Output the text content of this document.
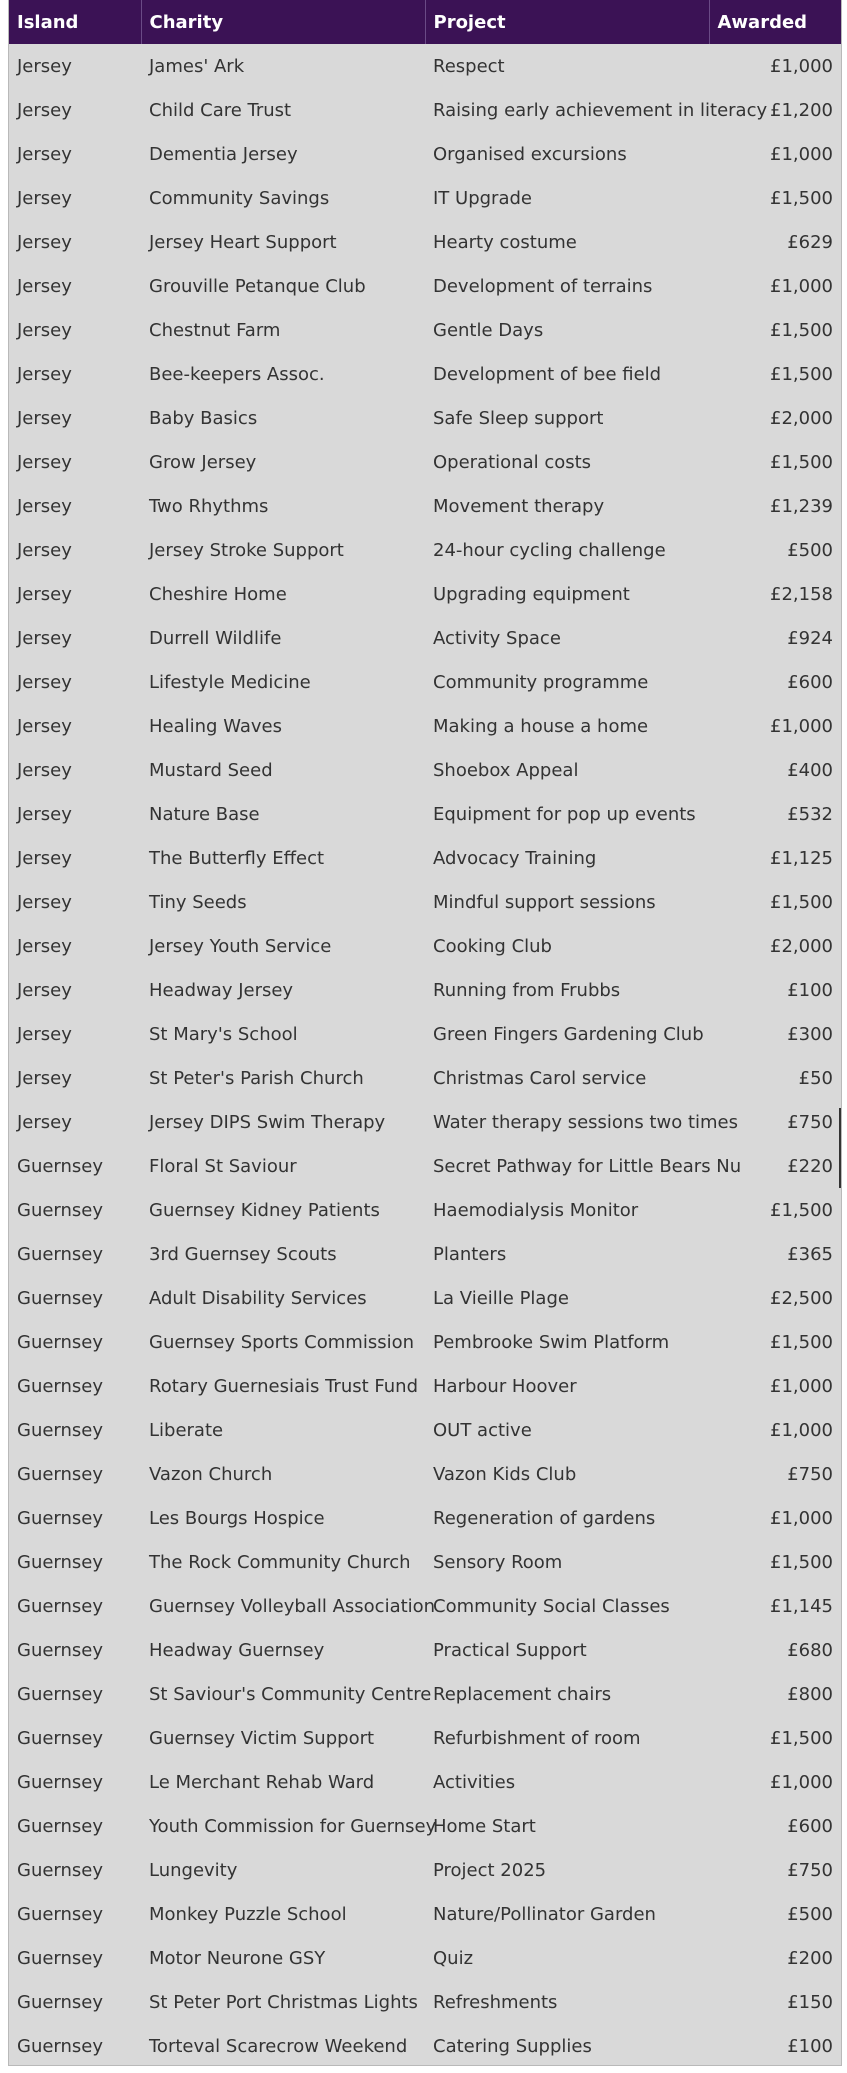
Island	Charity	Project	Awarded
Jersey	James' Ark	Respect	£1,000
Jersey	Child Care Trust	Raising early achievement in literacy	£1,200
Jersey	Dementia Jersey	Organised excursions	£1,000
Jersey	Community Savings	IT Upgrade	£1,500
Jersey	Jersey Heart Support	Hearty costume	£629
Jersey	Grouville Petanque Club	Development of terrains	£1,000
Jersey	Chestnut Farm	Gentle Days	£1,500
Jersey	Bee-keepers Assoc.	Development of bee field	£1,500
Jersey	Baby Basics	Safe Sleep support	£2,000
Jersey	Grow Jersey	Operational costs	£1,500
Jersey	Two Rhythms	Movement therapy	£1,239
Jersey	Jersey Stroke Support	24-hour cycling challenge	£500
Jersey	Cheshire Home	Upgrading equipment	£2,158
Jersey	Durrell Wildlife	Activity Space	£924
Jersey	Lifestyle Medicine	Community programme	£600
Jersey	Healing Waves	Making a house a home	£1,000
Jersey	Mustard Seed	Shoebox Appeal	£400
Jersey	Nature Base	Equipment for pop up events	£532
Jersey	The Butterfly Effect	Advocacy Training	£1,125
Jersey	Tiny Seeds	Mindful support sessions	£1,500
Jersey	Jersey Youth Service	Cooking Club	£2,000
Jersey	Headway Jersey	Running from Frubbs	£100
Jersey	St Mary's School	Green Fingers Gardening Club	£300
Jersey	St Peter's Parish Church	Christmas Carol service	£50
Jersey	Jersey DIPS Swim Therapy	Water therapy sessions two times	£750
Guernsey	Floral St Saviour	Secret Pathway for Little Bears Nu	£220
Guernsey	Guernsey Kidney Patients	Haemodialysis Monitor	£1,500
Guernsey	3rd Guernsey Scouts	Planters	£365
Guernsey	Adult Disability Services	La Vieille Plage	£2,500
Guernsey	Guernsey Sports Commission	Pembrooke Swim Platform	£1,500
Guernsey	Rotary Guernesiais Trust Fund	Harbour Hoover	£1,000
Guernsey	Liberate	OUT active	£1,000
Guernsey	Vazon Church	Vazon Kids Club	£750
Guernsey	Les Bourgs Hospice	Regeneration of gardens	£1,000
Guernsey	The Rock Community Church	Sensory Room	£1,500
Guernsey	Guernsey Volleyball Association	Community Social Classes	£1,145
Guernsey	Headway Guernsey	Practical Support	£680
Guernsey	St Saviour's Community Centre	Replacement chairs	£800
Guernsey	Guernsey Victim Support	Refurbishment of room	£1,500
Guernsey	Le Merchant Rehab Ward	Activities	£1,000
Guernsey	Youth Commission for Guernsey	Home Start	£600
Guernsey	Lungevity	Project 2025	£750
Guernsey	Monkey Puzzle School	Nature/Pollinator Garden	£500
Guernsey	Motor Neurone GSY	Quiz	£200
Guernsey	St Peter Port Christmas Lights	Refreshments	£150
Guernsey	Torteval Scarecrow Weekend	Catering Supplies	£100
